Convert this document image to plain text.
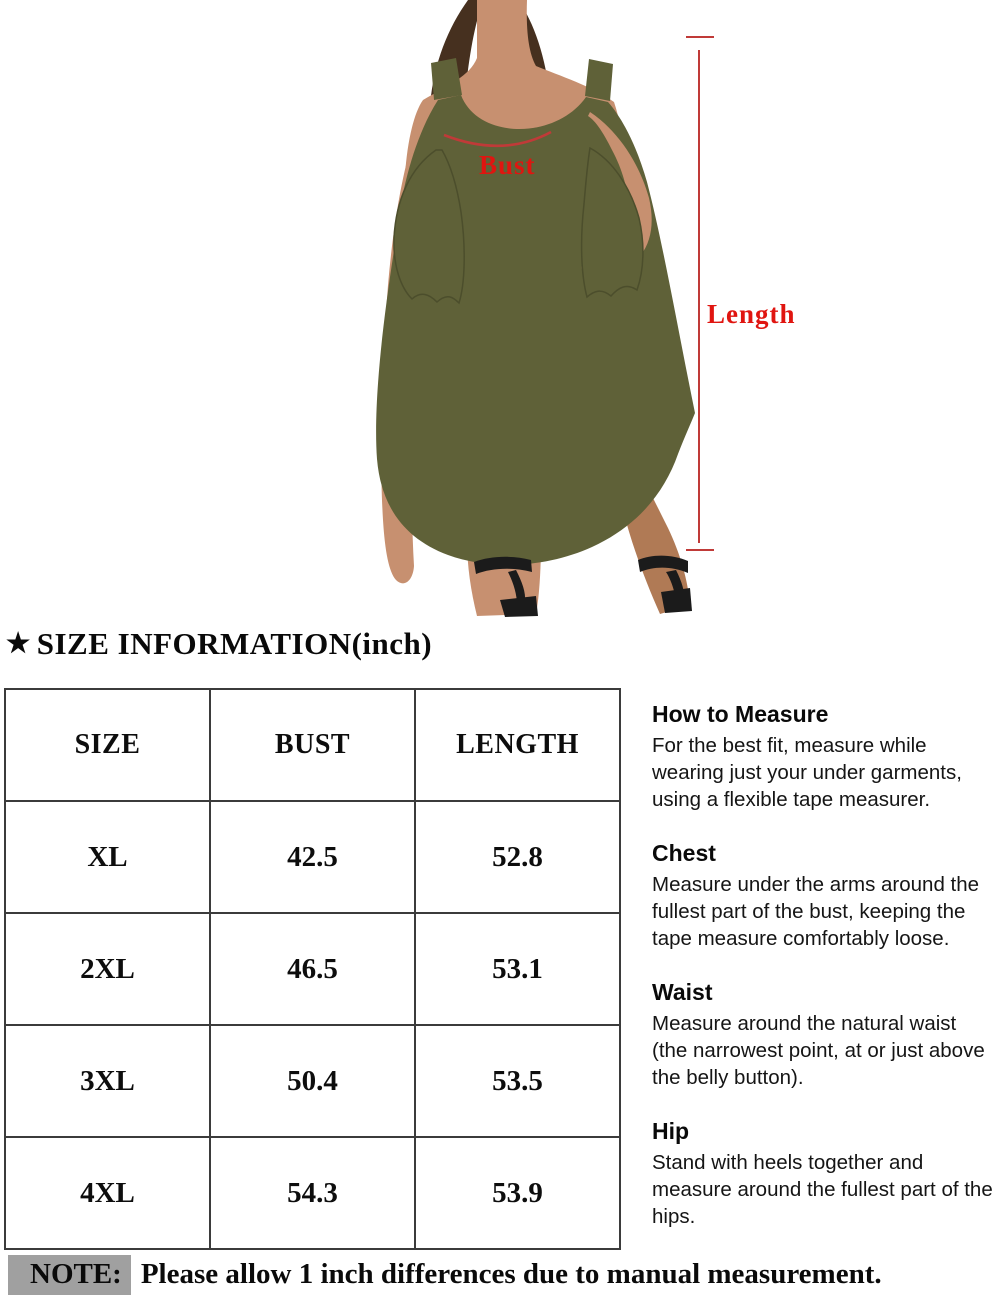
Bust
Length
★ SIZE INFORMATION(inch)
SIZE	BUST	LENGTH
XL	42.5	52.8
2XL	46.5	53.1
3XL	50.4	53.5
4XL	54.3	53.9
How to Measure

For the best fit, measure while wearing just your under garments, using a flexible tape measurer.

Chest

Measure under the arms around the fullest part of the bust, keeping the tape measure comfortably loose.

Waist

Measure around the natural waist (the narrowest point, at or just above the belly button).

Hip

Stand with heels together and measure around the fullest part of the hips.

NOTE: Please allow 1 inch differences due to manual measurement.
